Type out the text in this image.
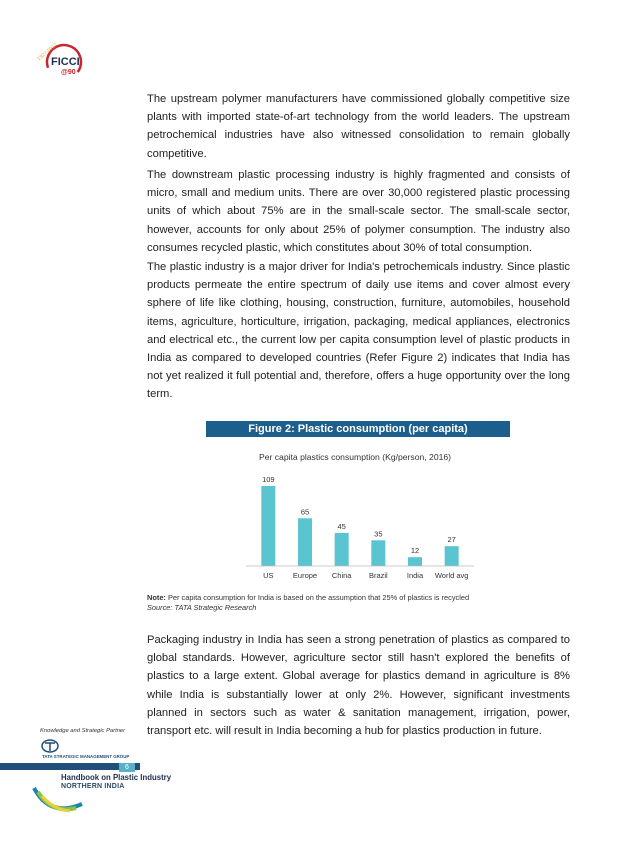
1927-2017
FICCI
@90

The upstream polymer manufacturers have commissioned globally competitive size plants with imported state-of-art technology from the world leaders. The upstream petrochemical industries have also witnessed consolidation to remain globally competitive.

The downstream plastic processing industry is highly fragmented and consists of micro, small and medium units. There are over 30,000 registered plastic processing units of which about 75% are in the small-scale sector. The small-scale sector, however, accounts for only about 25% of polymer consumption. The industry also consumes recycled plastic, which constitutes about 30% of total consumption.

The plastic industry is a major driver for India's petrochemicals industry. Since plastic products permeate the entire spectrum of daily use items and cover almost every sphere of life like clothing, housing, construction, furniture, automobiles, household items, agriculture, horticulture, irrigation, packaging, medical appliances, electronics and electrical etc., the current low per capita consumption level of plastic products in India as compared to developed countries (Refer Figure 2) indicates that India has not yet realized it full potential and, therefore, offers a huge opportunity over the long term.

Figure 2: Plastic consumption (per capita)
Per capita plastics consumption (Kg/person, 2016)
109
US
65
Europe
45
China
35
Brazil
12
India
27
World avg
Note: Per capita consumption for India is based on the assumption that 25% of plastics is recycled
Source: TATA Strategic Research

Packaging industry in India has seen a strong penetration of plastics as compared to global standards. However, agriculture sector still hasn't explored the benefits of plastics to a large extent. Global average for plastics demand in agriculture is 8% while India is substantially lower at only 2%. However, significant investments planned in sectors such as water & sanitation management, irrigation, power, transport etc. will result in India becoming a hub for plastics production in future.

Knowledge and Strategic Partner
TATA STRATEGIC MANAGEMENT GROUP
6
Handbook on Plastic Industry
NORTHERN INDIA
